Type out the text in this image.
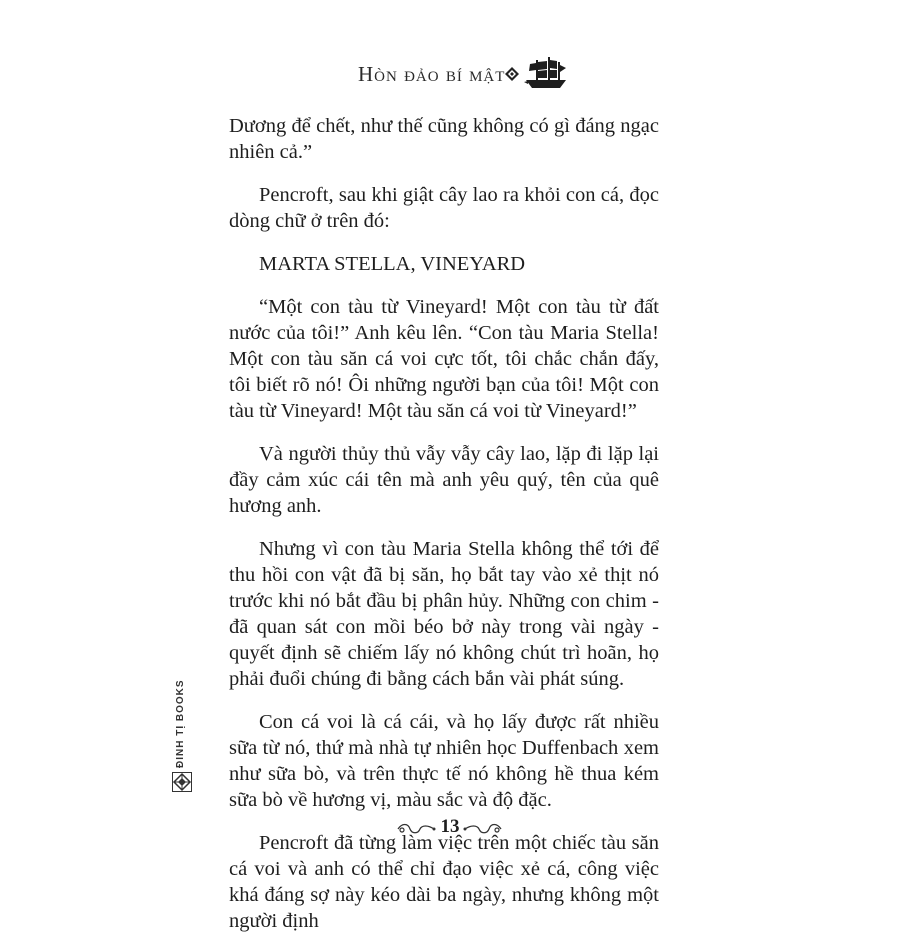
Hòn đảo bí mật

Dương để chết, như thế cũng không có gì đáng ngạc nhiên cả.”

Pencroft, sau khi giật cây lao ra khỏi con cá, đọc dòng chữ ở trên đó:

MARTA STELLA, VINEYARD

“Một con tàu từ Vineyard! Một con tàu từ đất nước của tôi!” Anh kêu lên. “Con tàu Maria Stella! Một con tàu săn cá voi cực tốt, tôi chắc chắn đấy, tôi biết rõ nó! Ôi những người bạn của tôi! Một con tàu từ Vineyard! Một tàu săn cá voi từ Vineyard!”

Và người thủy thủ vẫy vẫy cây lao, lặp đi lặp lại đầy cảm xúc cái tên mà anh yêu quý, tên của quê hương anh.

Nhưng vì con tàu Maria Stella không thể tới để thu hồi con vật đã bị săn, họ bắt tay vào xẻ thịt nó trước khi nó bắt đầu bị phân hủy. Những con chim - đã quan sát con mồi béo bở này trong vài ngày - quyết định sẽ chiếm lấy nó không chút trì hoãn, họ phải đuổi chúng đi bằng cách bắn vài phát súng.

Con cá voi là cá cái, và họ lấy được rất nhiều sữa từ nó, thứ mà nhà tự nhiên học Duffenbach xem như sữa bò, và trên thực tế nó không hề thua kém sữa bò về hương vị, màu sắc và độ đặc.

Pencroft đã từng làm việc trên một chiếc tàu săn cá voi và anh có thể chỉ đạo việc xẻ cá, công việc khá đáng sợ này kéo dài ba ngày, nhưng không một người định

ĐINH TỊ BOOKS
13
